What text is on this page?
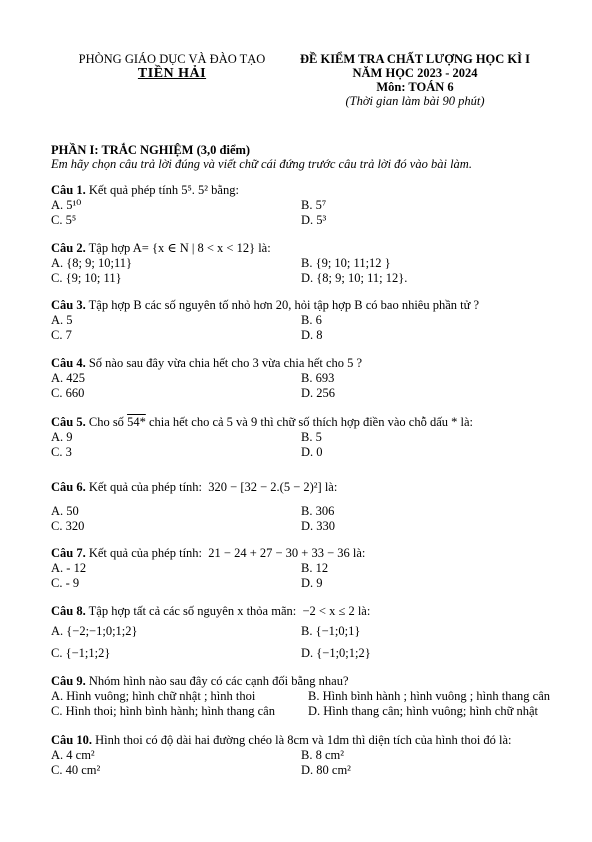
PHÒNG GIÁO DỤC VÀ ĐÀO TẠO
TIỀN HẢI
ĐỀ KIỂM TRA CHẤT LƯỢNG HỌC KÌ I
NĂM HỌC 2023 - 2024
Môn: TOÁN 6
(Thời gian làm bài 90 phút)
PHẦN I: TRẮC NGHIỆM (3,0 điểm)
Em hãy chọn câu trả lời đúng và viết chữ cái đứng trước câu trả lời đó vào bài làm.
Câu 1. Kết quả phép tính 5⁵. 5² bằng:
A. 5¹⁰	B. 5⁷
C. 5⁵	D. 5³
Câu 2. Tập hợp A= {x ∈ N | 8 < x < 12} là:
A. {8; 9; 10;11}	B. {9; 10; 11;12 }
C. {9; 10; 11}	D. {8; 9; 10; 11; 12}.
Câu 3. Tập hợp B các số nguyên tố nhỏ hơn 20, hỏi tập hợp B có bao nhiêu phần tử ?
A. 5	B. 6
C. 7	D. 8
Câu 4. Số nào sau đây vừa chia hết cho 3 vừa chia hết cho 5 ?
A. 425	B. 693
C. 660	D. 256
Câu 5. Cho số 54* chia hết cho cả 5 và 9 thì chữ số thích hợp điền vào chỗ dấu * là:
A. 9	B. 5
C. 3	D. 0
Câu 6. Kết quả của phép tính: 320 − [32 − 2.(5 − 2)²] là:
A. 50	B. 306
C. 320	D. 330
Câu 7. Kết quả của phép tính: 21 − 24 + 27 − 30 + 33 − 36 là:
A. - 12	B. 12
C. - 9	D. 9
Câu 8. Tập hợp tất cả các số nguyên x thỏa mãn: −2 < x ≤ 2 là:
A. {−2;−1;0;1;2}	B. {−1;0;1}
C. {−1;1;2}	D. {−1;0;1;2}
Câu 9. Nhóm hình nào sau đây có các cạnh đối bằng nhau?
A. Hình vuông; hình chữ nhật ; hình thoi	B. Hình bình hành ; hình vuông ; hình thang cân
C. Hình thoi; hình bình hành; hình thang cân	D. Hình thang cân; hình vuông; hình chữ nhật
Câu 10. Hình thoi có độ dài hai đường chéo là 8cm và 1dm thì diện tích của hình thoi đó là:
A. 4 cm²	B. 8 cm²
C. 40 cm²	D. 80 cm²
